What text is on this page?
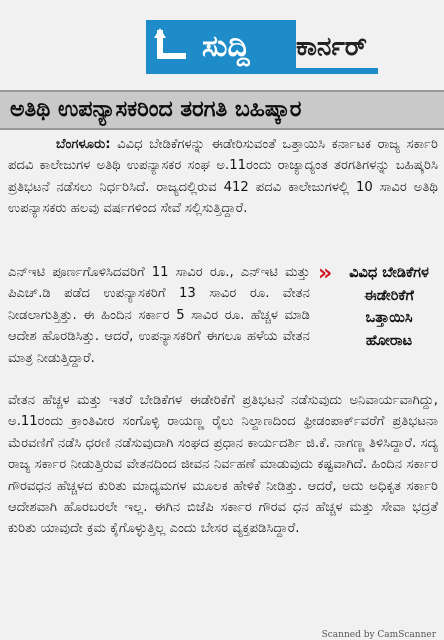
ಸುದ್ದಿ	ಕಾರ್ನರ್
ಅತಿಥಿ ಉಪನ್ಯಾಸಕರಿಂದ ತರಗತಿ ಬಹಿಷ್ಕಾರ

ಬೆಂಗಳೂರು: ವಿವಿಧ ಬೇಡಿಕೆಗಳನ್ನು ಈಡೇರಿಸುವಂತೆ ಒತ್ತಾಯಿಸಿ ಕರ್ನಾಟಕ ರಾಜ್ಯ ಸರ್ಕಾರಿ ಪದವಿ ಕಾಲೇಜುಗಳ ಅತಿಥಿ ಉಪನ್ಯಾಸಕರ ಸಂಘ ಅ.11ರಂದು ರಾಜ್ಯಾದ್ಯಂತ ತರಗತಿಗಳನ್ನು ಬಹಿಷ್ಕರಿಸಿ ಪ್ರತಿಭಟನೆ ನಡೆಸಲು ನಿರ್ಧರಿಸಿದೆ. ರಾಜ್ಯದಲ್ಲಿರುವ 412 ಪದವಿ ಕಾಲೇಜುಗಳಲ್ಲಿ 10 ಸಾವಿರ ಅತಿಥಿ ಉಪನ್ಯಾಸಕರು ಹಲವು ವರ್ಷಗಳಿಂದ ಸೇವೆ ಸಲ್ಲಿಸುತ್ತಿದ್ದಾರೆ.

ಎನ್‌ಇಟಿ ಪೂರ್ಣಗೊಳಿಸಿದವರಿಗೆ 11 ಸಾವಿರ ರೂ., ಎನ್‌ಇಟಿ ಮತ್ತು ಪಿಎಚ್.ಡಿ ಪಡೆದ ಉಪನ್ಯಾಸಕರಿಗೆ 13 ಸಾವಿರ ರೂ. ವೇತನ ನೀಡಲಾಗುತ್ತಿತ್ತು. ಈ ಹಿಂದಿನ ಸರ್ಕಾರ 5 ಸಾವಿರ ರೂ. ಹೆಚ್ಚಳ ಮಾಡಿ ಆದೇಶ ಹೊರಡಿಸಿತ್ತು. ಆದರೆ, ಉಪನ್ಯಾಸಕರಿಗೆ ಈಗಲೂ ಹಳೆಯ ವೇತನ ಮಾತ್ರ ನೀಡುತ್ತಿದ್ದಾರೆ.

»	ವಿವಿಧ ಬೇಡಿಕೆಗಳ ಈಡೇರಿಕೆಗೆ ಒತ್ತಾಯಿಸಿ ಹೋರಾಟ

ವೇತನ ಹೆಚ್ಚಳ ಮತ್ತು ಇತರೆ ಬೇಡಿಕೆಗಳ ಈಡೇರಿಕೆಗೆ ಪ್ರತಿಭಟನೆ ನಡೆಸುವುದು ಅನಿವಾರ್ಯವಾಗಿದ್ದು, ಅ.11ರಂದು ಕ್ರಾಂತಿವೀರ ಸಂಗೊಳ್ಳಿ ರಾಯಣ್ಣ ರೈಲು ನಿಲ್ದಾಣದಿಂದ ಫ್ರೀಡಂಪಾರ್ಕ್‌ವರೆಗೆ ಪ್ರತಿಭಟನಾ ಮೆರವಣಿಗೆ ನಡೆಸಿ ಧರಣಿ ನಡೆಸುವುದಾಗಿ ಸಂಘದ ಪ್ರಧಾನ ಕಾರ್ಯದರ್ಶಿ ಜಿ.ಕೆ. ನಾಗಣ್ಣ ತಿಳಿಸಿದ್ದಾರೆ. ಸದ್ಯ ರಾಜ್ಯ ಸರ್ಕಾರ ನೀಡುತ್ತಿರುವ ವೇತನದಿಂದ ಜೀವನ ನಿರ್ವಹಣೆ ಮಾಡುವುದು ಕಷ್ಟವಾಗಿದೆ. ಹಿಂದಿನ ಸರ್ಕಾರ ಗೌರವಧನ ಹೆಚ್ಚಳದ ಕುರಿತು ಮಾಧ್ಯಮಗಳ ಮೂಲಕ ಹೇಳಿಕೆ ನೀಡಿತ್ತು. ಆದರೆ, ಅದು ಅಧಿಕೃತ ಸರ್ಕಾರಿ ಆದೇಶವಾಗಿ ಹೊರಬರಲೇ ಇಲ್ಲ. ಈಗಿನ ಬಿಜೆಪಿ ಸರ್ಕಾರ ಗೌರವ ಧನ ಹೆಚ್ಚಳ ಮತ್ತು ಸೇವಾ ಭದ್ರತೆ ಕುರಿತು ಯಾವುದೇ ಕ್ರಮ ಕೈಗೊಳ್ಳುತ್ತಿಲ್ಲ ಎಂದು ಬೇಸರ ವ್ಯಕ್ತಪಡಿಸಿದ್ದಾರೆ.

Scanned by CamScanner
